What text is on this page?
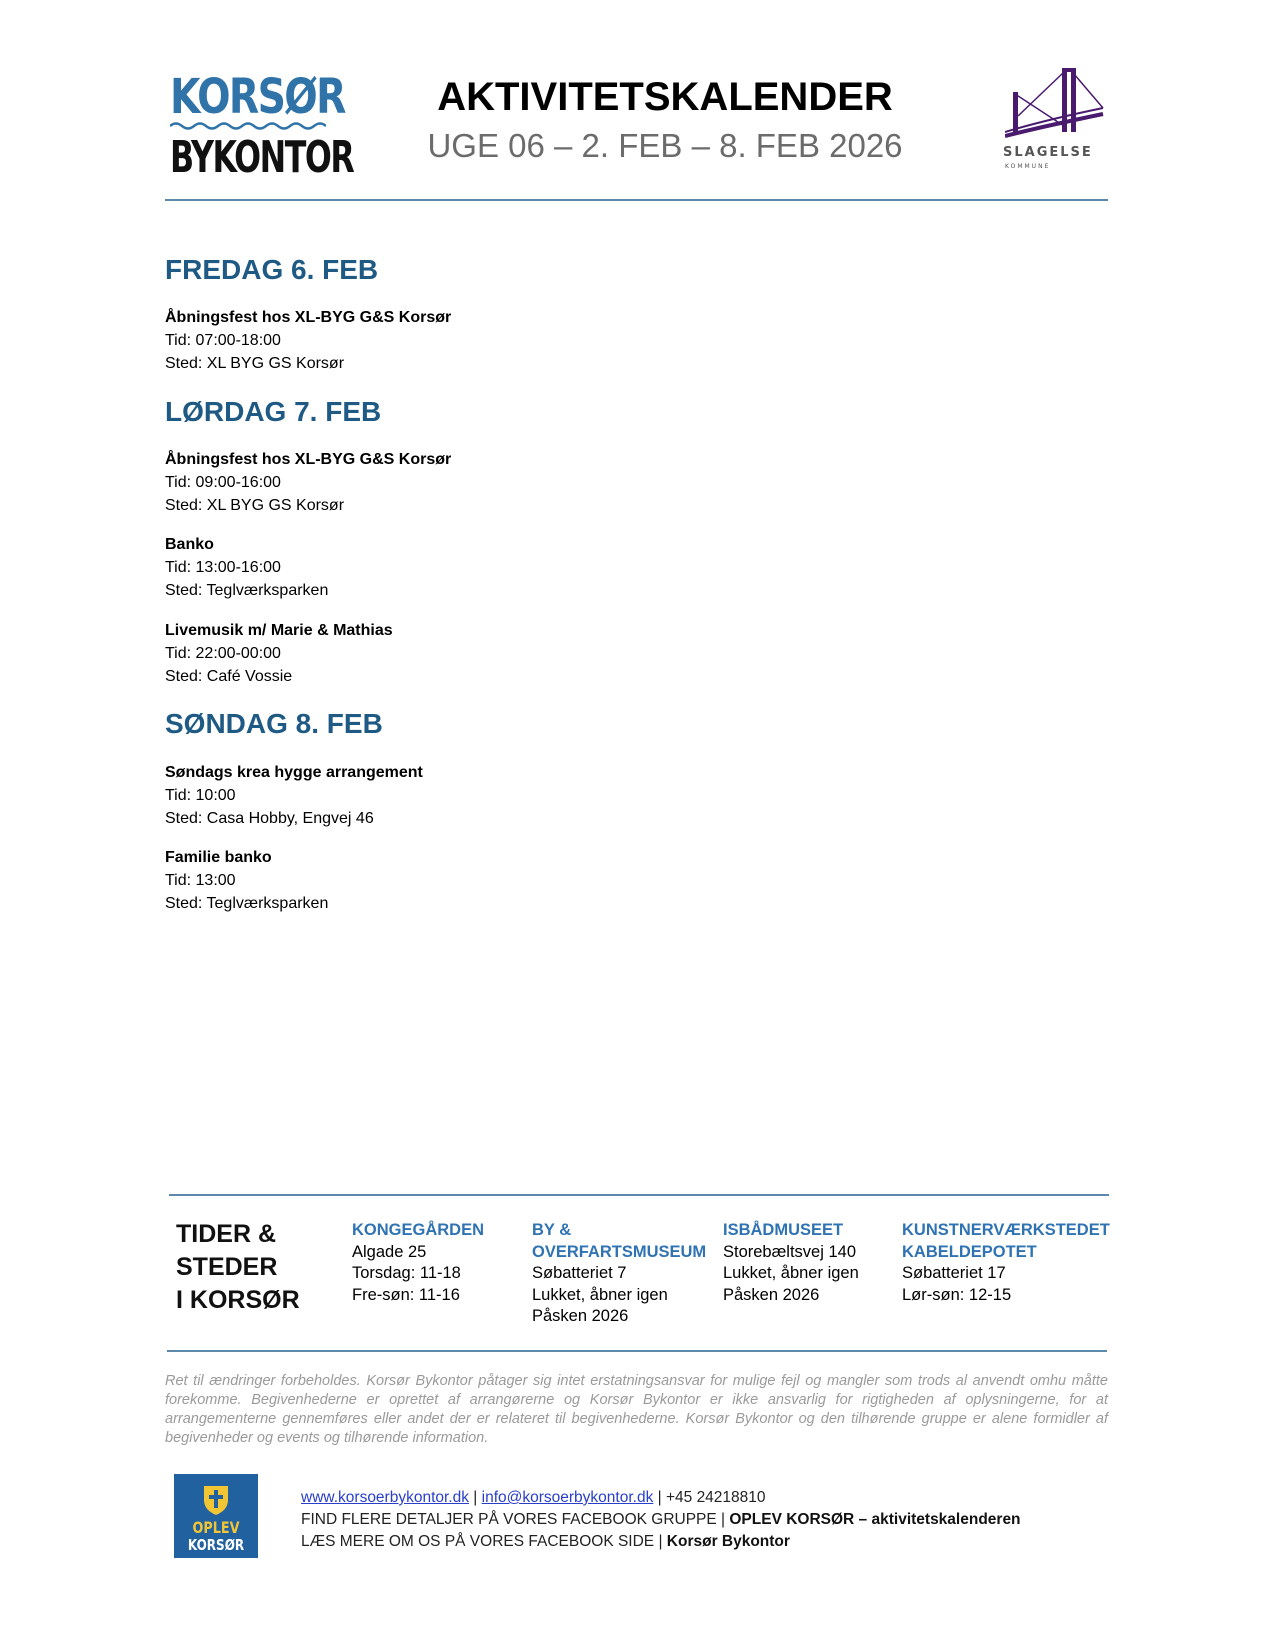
KORSØR
BYKONTOR
AKTIVITETSKALENDER
UGE 06 – 2. FEB – 8. FEB 2026	SLAGELSE
KOMMUNE
FREDAG 6. FEB
Åbningsfest hos XL-BYG G&S Korsør
Tid: 07:00-18:00
Sted: XL BYG GS Korsør
LØRDAG 7. FEB
Åbningsfest hos XL-BYG G&S Korsør
Tid: 09:00-16:00
Sted: XL BYG GS Korsør
Banko
Tid: 13:00-16:00
Sted: Teglværksparken
Livemusik m/ Marie & Mathias
Tid: 22:00-00:00
Sted: Café Vossie
SØNDAG 8. FEB
Søndags krea hygge arrangement
Tid: 10:00
Sted: Casa Hobby, Engvej 46
Familie banko
Tid: 13:00
Sted: Teglværksparken
TIDER &
STEDER
I KORSØR
KONGEGÅRDEN
Algade 25
Torsdag: 11-18
Fre-søn: 11-16
BY &
OVERFARTSMUSEUM
Søbatteriet 7
Lukket, åbner igen
Påsken 2026
ISBÅDMUSEET
Storebæltsvej 140
Lukket, åbner igen
Påsken 2026
KUNSTNERVÆRKSTEDET
KABELDEPOTET
Søbatteriet 17
Lør-søn: 12-15
Ret til ændringer forbeholdes. Korsør Bykontor påtager sig intet erstatningsansvar for mulige fejl og mangler som trods al anvendt omhu måtte forekomme. Begivenhederne er oprettet af arrangørerne og Korsør Bykontor er ikke ansvarlig for rigtigheden af oplysningerne, for at arrangementerne gennemføres eller andet der er relateret til begivenhederne. Korsør Bykontor og den tilhørende gruppe er alene formidler af begivenheder og events og tilhørende information.
OPLEV
KORSØR
www.korsoerbykontor.dk | info@korsoerbykontor.dk | +45 24218810
FIND FLERE DETALJER PÅ VORES FACEBOOK GRUPPE | OPLEV KORSØR – aktivitetskalenderen
LÆS MERE OM OS PÅ VORES FACEBOOK SIDE | Korsør Bykontor
